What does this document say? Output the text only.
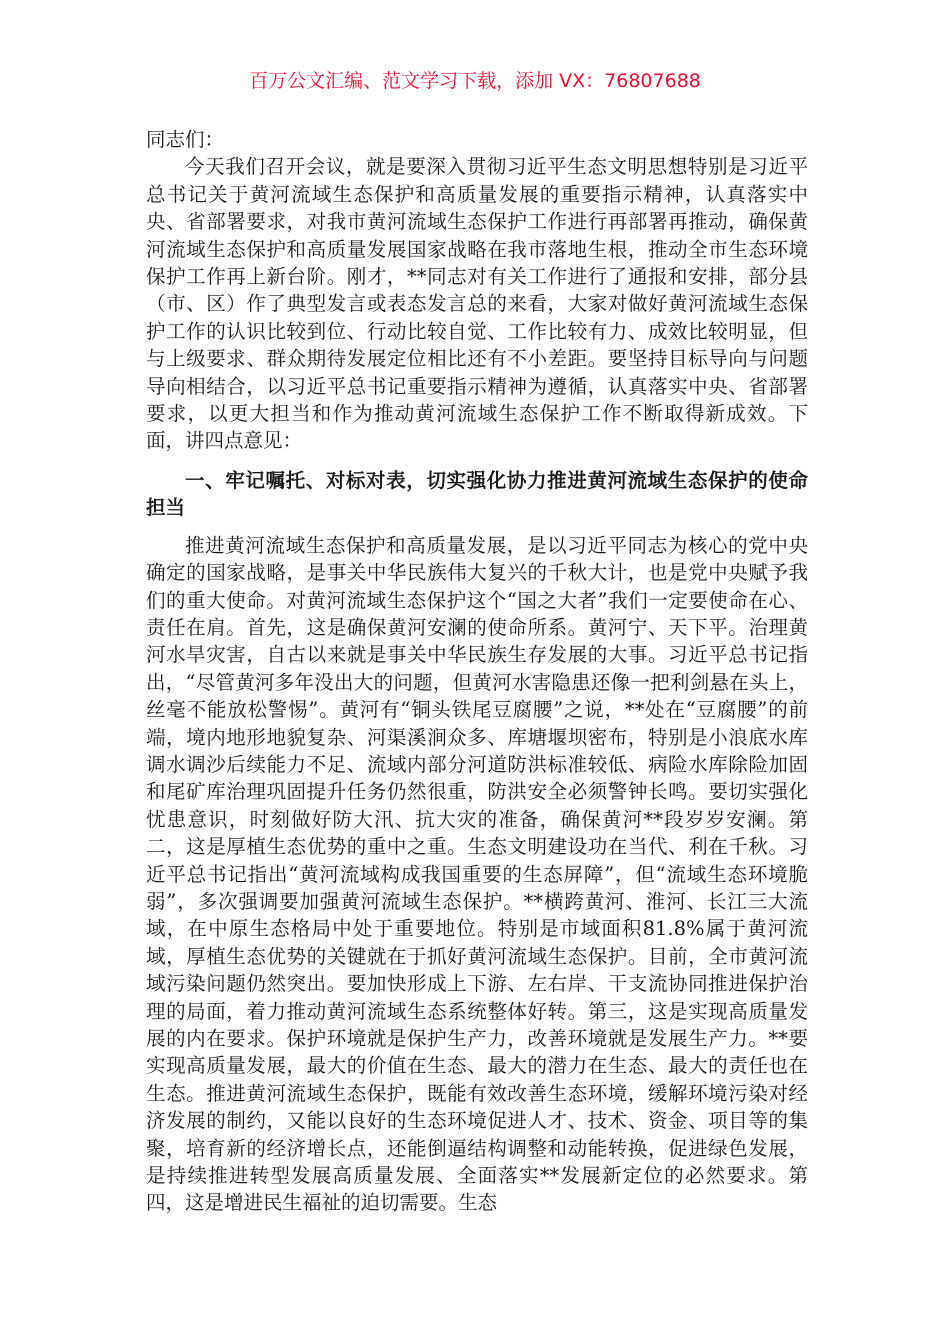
百万公文汇编、范文学习下载，添加 VX：76807688

同志们：

今天我们召开会议，就是要深入贯彻习近平生态文明思想特别是习近平总书记关于黄河流域生态保护和高质量发展的重要指示精神，认真落实中央、省部署要求，对我市黄河流域生态保护工作进行再部署再推动，确保黄河流域生态保护和高质量发展国家战略在我市落地生根，推动全市生态环境保护工作再上新台阶。刚才，**同志对有关工作进行了通报和安排，部分县（市、区）作了典型发言或表态发言总的来看，大家对做好黄河流域生态保护工作的认识比较到位、行动比较自觉、工作比较有力、成效比较明显，但与上级要求、群众期待发展定位相比还有不小差距。要坚持目标导向与问题导向相结合，以习近平总书记重要指示精神为遵循，认真落实中央、省部署要求，以更大担当和作为推动黄河流域生态保护工作不断取得新成效。下面，讲四点意见：

一、牢记嘱托、对标对表，切实强化协力推进黄河流域生态保护的使命担当

推进黄河流域生态保护和高质量发展，是以习近平同志为核心的党中央确定的国家战略，是事关中华民族伟大复兴的千秋大计，也是党中央赋予我们的重大使命。对黄河流域生态保护这个“国之大者”我们一定要使命在心、责任在肩。首先，这是确保黄河安澜的使命所系。黄河宁、天下平。治理黄河水旱灾害，自古以来就是事关中华民族生存发展的大事。习近平总书记指出，“尽管黄河多年没出大的问题，但黄河水害隐患还像一把利剑悬在头上，丝毫不能放松警惕”。黄河有“铜头铁尾豆腐腰”之说，**处在“豆腐腰”的前端，境内地形地貌复杂、河渠溪涧众多、库塘堰坝密布，特别是小浪底水库调水调沙后续能力不足、流域内部分河道防洪标准较低、病险水库除险加固和尾矿库治理巩固提升任务仍然很重，防洪安全必须警钟长鸣。要切实强化忧患意识，时刻做好防大汛、抗大灾的准备，确保黄河**段岁岁安澜。第二，这是厚植生态优势的重中之重。生态文明建设功在当代、利在千秋。习近平总书记指出“黄河流域构成我国重要的生态屏障”，但“流域生态环境脆弱”，多次强调要加强黄河流域生态保护。**横跨黄河、淮河、长江三大流域，在中原生态格局中处于重要地位。特别是市域面积81.8%属于黄河流域，厚植生态优势的关键就在于抓好黄河流域生态保护。目前，全市黄河流域污染问题仍然突出。要加快形成上下游、左右岸、干支流协同推进保护治理的局面，着力推动黄河流域生态系统整体好转。第三，这是实现高质量发展的内在要求。保护环境就是保护生产力，改善环境就是发展生产力。**要实现高质量发展，最大的价值在生态、最大的潜力在生态、最大的责任也在生态。推进黄河流域生态保护，既能有效改善生态环境，缓解环境污染对经济发展的制约，又能以良好的生态环境促进人才、技术、资金、项目等的集聚，培育新的经济增长点，还能倒逼结构调整和动能转换，促进绿色发展，是持续推进转型发展高质量发展、全面落实**发展新定位的必然要求。第四，这是增进民生福祉的迫切需要。生态
